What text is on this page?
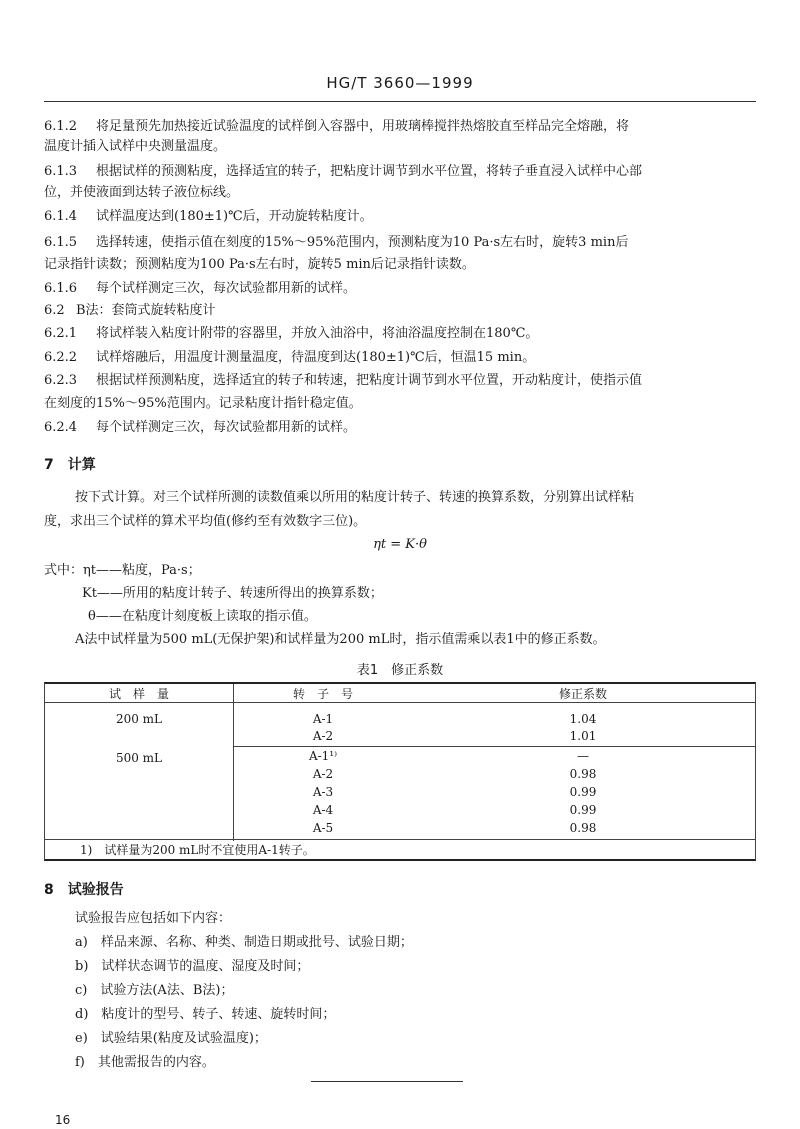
HG/T 3660—1999
6.1.2 将足量预先加热接近试验温度的试样倒入容器中，用玻璃棒搅拌热熔胶直至样品完全熔融，将
温度计插入试样中央测量温度。
6.1.3 根据试样的预测粘度，选择适宜的转子，把粘度计调节到水平位置，将转子垂直浸入试样中心部
位，并使液面到达转子液位标线。
6.1.4 试样温度达到(180±1)℃后，开动旋转粘度计。
6.1.5 选择转速，使指示值在刻度的15%～95%范围内，预测粘度为10 Pa·s左右时，旋转3 min后
记录指针读数；预测粘度为100 Pa·s左右时，旋转5 min后记录指针读数。
6.1.6 每个试样测定三次，每次试验都用新的试样。
6.2 B法：套筒式旋转粘度计
6.2.1 将试样装入粘度计附带的容器里，并放入油浴中，将油浴温度控制在180℃。
6.2.2 试样熔融后，用温度计测量温度，待温度到达(180±1)℃后，恒温15 min。
6.2.3 根据试样预测粘度，选择适宜的转子和转速，把粘度计调节到水平位置，开动粘度计，使指示值
在刻度的15%～95%范围内。记录粘度计指针稳定值。
6.2.4 每个试样测定三次，每次试验都用新的试样。
7　计算
按下式计算。对三个试样所测的读数值乘以所用的粘度计转子、转速的换算系数，分别算出试样粘
度，求出三个试样的算术平均值(修约至有效数字三位)。
ηt = K·θ
式中：ηt——粘度，Pa·s；
Kt——所用的粘度计转子、转速所得出的换算系数；
θ——在粘度计刻度板上读取的指示值。
A法中试样量为500 mL(无保护架)和试样量为200 mL时，指示值需乘以表1中的修正系数。
表1　修正系数
试　样　量	转　子　号	修正系数
200 mL	A-1	1.04
A-2	1.01
500 mL	A-1¹⁾	—
A-2	0.98
A-3	0.99
A-4	0.99
A-5	0.98
1)　试样量为200 mL时不宜使用A-1转子。
8　试验报告
试验报告应包括如下内容：
a)　样品来源、名称、种类、制造日期或批号、试验日期；
b)　试样状态调节的温度、湿度及时间；
c)　试验方法(A法、B法)；
d)　粘度计的型号、转子、转速、旋转时间；
e)　试验结果(粘度及试验温度)；
f)　其他需报告的内容。
16
